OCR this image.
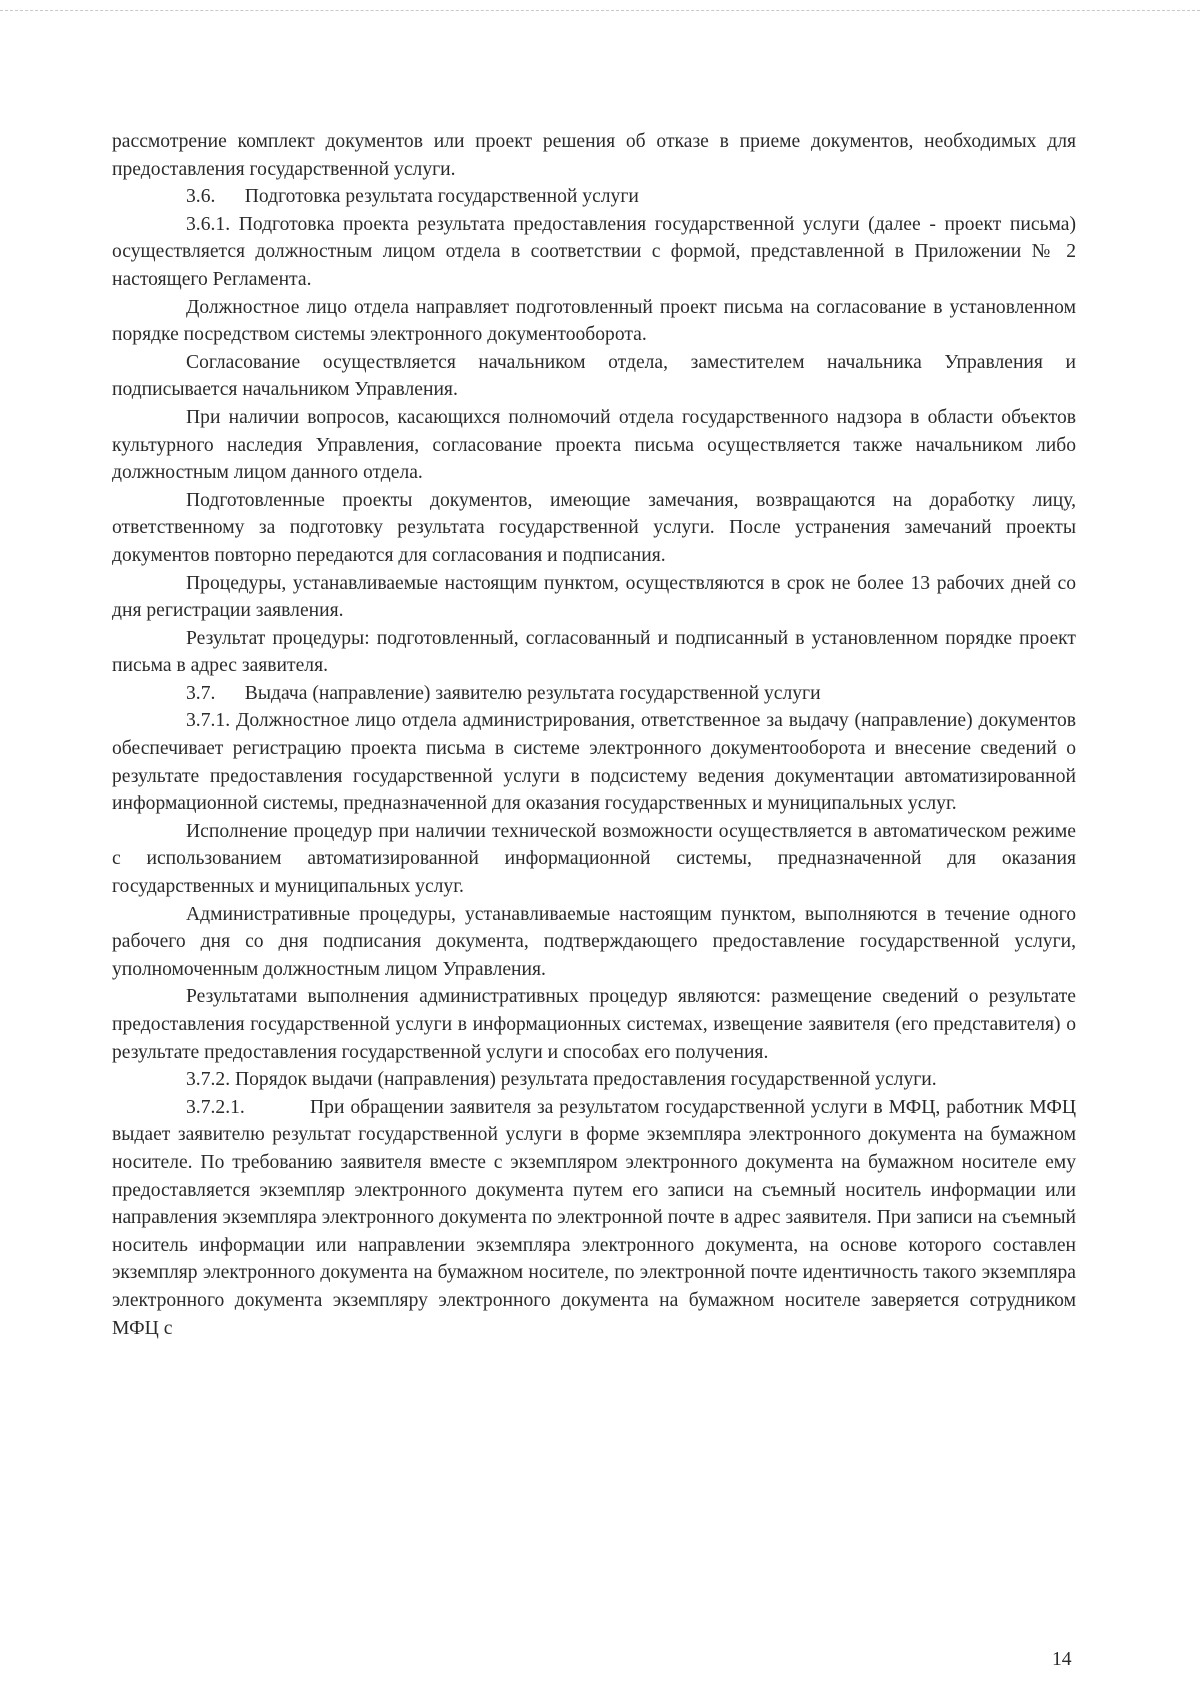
рассмотрение комплект документов или проект решения об отказе в приеме документов, необходимых для предоставления государственной услуги.

3.6.      Подготовка результата государственной услуги

3.6.1. Подготовка проекта результата предоставления государственной услуги (далее - проект письма) осуществляется должностным лицом отдела в соответствии с формой, представленной в Приложении № 2 настоящего Регламента.

Должностное лицо отдела направляет подготовленный проект письма на согласование в установленном порядке посредством системы электронного документооборота.

Согласование осуществляется начальником отдела, заместителем начальника Управления и подписывается начальником Управления.

При наличии вопросов, касающихся полномочий отдела государственного надзора в области объектов культурного наследия Управления, согласование проекта письма осуществляется также начальником либо должностным лицом данного отдела.

Подготовленные проекты документов, имеющие замечания, возвращаются на доработку лицу, ответственному за подготовку результата государственной услуги. После устранения замечаний проекты документов повторно передаются для согласования и подписания.

Процедуры, устанавливаемые настоящим пунктом, осуществляются в срок не более 13 рабочих дней со дня регистрации заявления.

Результат процедуры: подготовленный, согласованный и подписанный в установленном порядке проект письма в адрес заявителя.

3.7.      Выдача (направление) заявителю результата государственной услуги

3.7.1. Должностное лицо отдела администрирования, ответственное за выдачу (направление) документов обеспечивает регистрацию проекта письма в системе электронного документооборота и внесение сведений о результате предоставления государственной услуги в подсистему ведения документации автоматизированной информационной системы, предназначенной для оказания государственных и муниципальных услуг.

Исполнение процедур при наличии технической возможности осуществляется в автоматическом режиме с использованием автоматизированной информационной системы, предназначенной для оказания государственных и муниципальных услуг.

Административные процедуры, устанавливаемые настоящим пунктом, выполняются в течение одного рабочего дня со дня подписания документа, подтверждающего предоставление государственной услуги, уполномоченным должностным лицом Управления.

Результатами выполнения административных процедур являются: размещение сведений о результате предоставления государственной услуги в информационных системах, извещение заявителя (его представителя) о результате предоставления государственной услуги и способах его получения.

3.7.2. Порядок выдачи (направления) результата предоставления государственной услуги.

3.7.2.1.           При обращении заявителя за результатом государственной услуги в МФЦ, работник МФЦ выдает заявителю результат государственной услуги в форме экземпляра электронного документа на бумажном носителе. По требованию заявителя вместе с экземпляром электронного документа на бумажном носителе ему предоставляется экземпляр электронного документа путем его записи на съемный носитель информации или направления экземпляра электронного документа по электронной почте в адрес заявителя. При записи на съемный носитель информации или направлении экземпляра электронного документа, на основе которого составлен экземпляр электронного документа на бумажном носителе, по электронной почте идентичность такого экземпляра электронного документа экземпляру электронного документа на бумажном носителе заверяется сотрудником МФЦ с

14
